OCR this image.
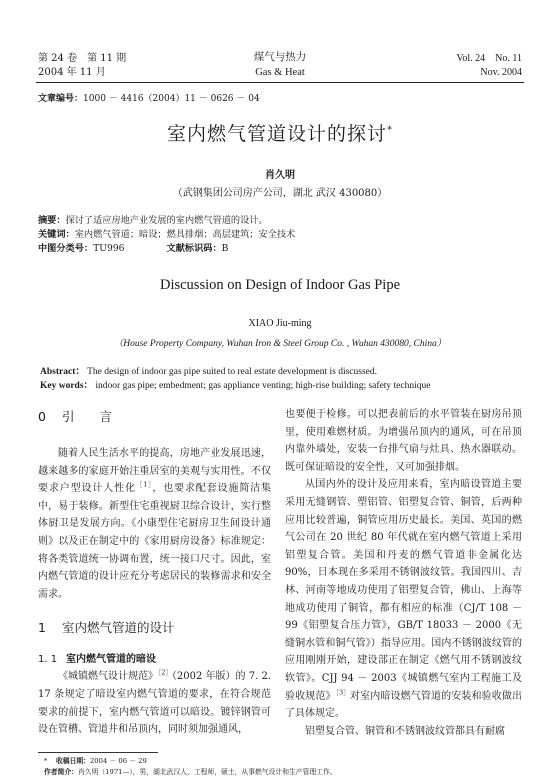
第 24 卷　第 11 期
2004 年 11 月
煤气与热力
Gas & Heat
Vol. 24　No. 11
Nov. 2004
文章编号：1000 － 4416（2004）11 － 0626 － 04
室内燃气管道设计的探讨*
肖久明
（武钢集团公司房产公司，湖北 武汉 430080）
摘要：探讨了适应房地产业发展的室内燃气管道的设计。
关键词：室内燃气管道；暗设；燃具排烟；高层建筑；安全技术
中图分类号：TU996	文献标识码：B
Discussion on Design of Indoor Gas Pipe
XIAO Jiu-ming
（House Property Company, Wuhan Iron & Steel Group Co. , Wuhan 430080, China）
Abstract： The design of indoor gas pipe suited to real estate development is discussed.
Key words： indoor gas pipe; embedment; gas appliance venting; high-rise building; safety technique
0 引　　言

随着人民生活水平的提高，房地产业发展迅速，越来越多的家庭开始注重居室的美观与实用性。不仅要求户型设计人性化$^{[1]}$，也要求配套设施简洁集中，易于装修。新型住宅重视厨卫综合设计，实行整体厨卫是发展方向。《小康型住宅厨房卫生间设计通则》以及正在制定中的《家用厨房设备》标准规定：将各类管道统一协调布置，统一接口尺寸。因此，室内燃气管道的设计应充分考虑居民的装修需求和安全需求。

1 室内燃气管道的设计
1. 1 室内燃气管道的暗设

《城镇燃气设计规范》$^{[2]}$（2002 年版）的 7. 2. 17 条规定了暗设室内燃气管道的要求，在符合规范要求的前提下，室内燃气管道可以暗设。镀锌钢管可设在管槽、管道井和吊顶内，同时须加强通风，

也要便于检修。可以把表前后的水平管装在厨房吊顶里，使用难燃材质。为增强吊顶内的通风，可在吊顶内靠外墙处，安装一台排气扇与灶具、热水器联动。既可保证暗设的安全性，又可加强排烟。

从国内外的设计及应用来看，室内暗设管道主要采用无缝钢管、塑铝管、铝塑复合管、铜管，后两种应用比较普遍，铜管应用历史最长。美国、英国的燃气公司在 20 世纪 80 年代就在室内燃气管道上采用铝塑复合管。美国和丹麦的燃气管道非金属化达 90%，日本现在多采用不锈钢波纹管。我国四川、吉林、河南等地成功使用了铝塑复合管，佛山、上海等地成功使用了铜管，都有相应的标准（CJ/T 108 － 99《铝塑复合压力管》，GB/T 18033 － 2000《无缝铜水管和铜气管》）指导应用。国内不锈钢波纹管的应用刚刚开始，建设部正在制定《燃气用不锈钢波纹软管》。CJJ 94 － 2003《城镇燃气室内工程施工及验收规范》$^{[3]}$对室内暗设燃气管道的安装和验收做出了具体规定。

铝塑复合管、铜管和不锈钢波纹管都具有耐腐

* 收稿日期：2004 － 06 － 29
作者简介：肖久明（1971—），男，湖北武汉人，工程师，硕士，从事燃气设计和生产管理工作。
